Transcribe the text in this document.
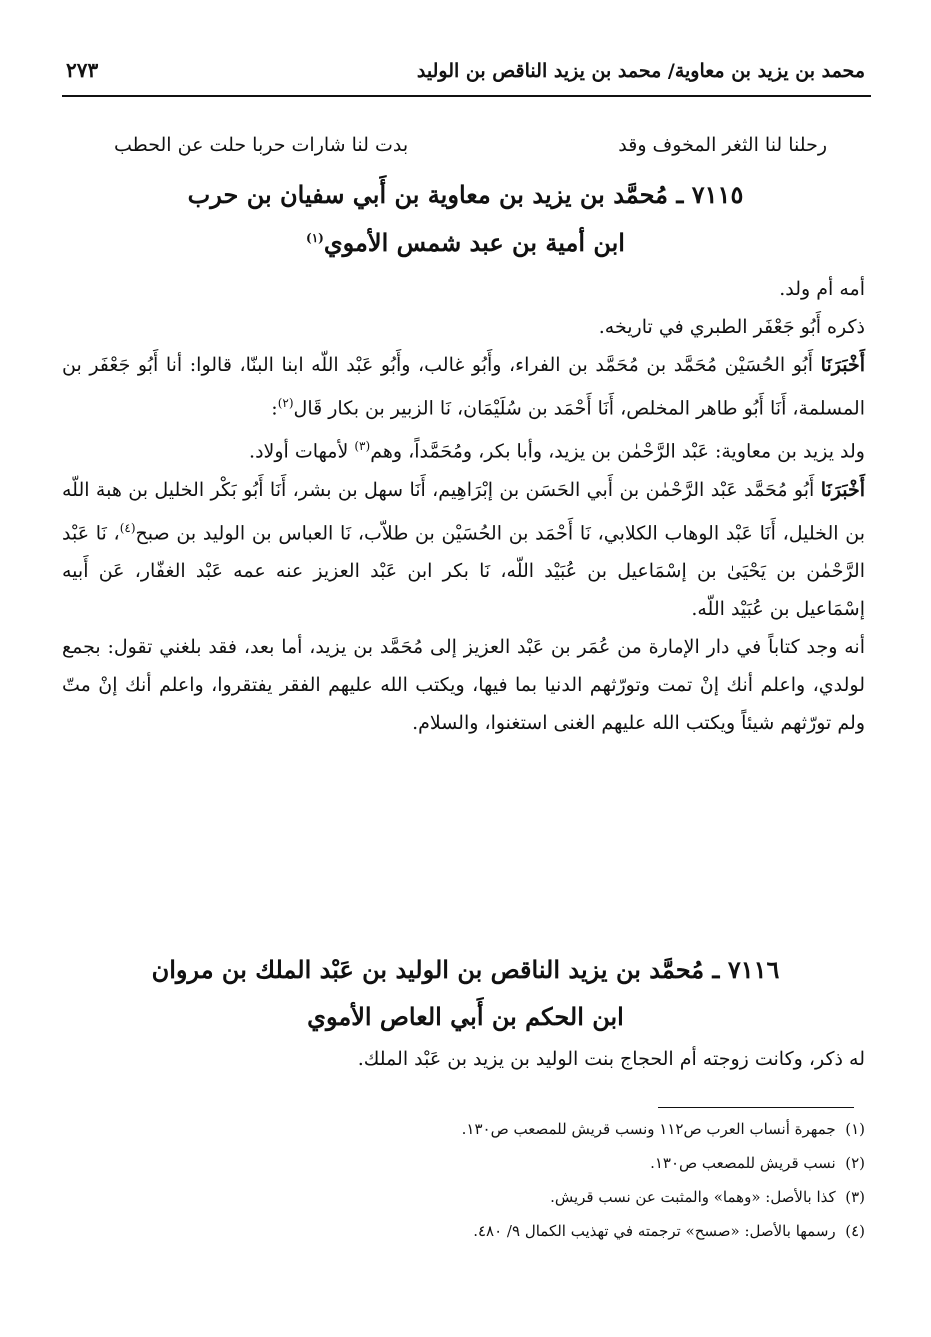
محمد بن يزيد بن معاوية/ محمد بن يزيد الناقص بن الوليد
٢٧٣
رحلنا لنا الثغر المخوف وقد
بدت لنا شارات حربا حلت عن الحطب
٧١١٥ ـ مُحمَّد بن يزيد بن معاوية بن أَبي سفيان بن حرب
ابن أمية بن عبد شمس الأموي$^{(١)}$

أمه أم ولد.

ذكره أَبُو جَعْفَر الطبري في تاريخه.

أَخْبَرَنَا أَبُو الحُسَيْن مُحَمَّد بن مُحَمَّد بن الفراء، وأَبُو غالب، وأَبُو عَبْد اللّه ابنا البنّا، قالوا: أنا أَبُو جَعْفَر بن المسلمة، أَنَا أَبُو طاهر المخلص، أَنَا أَحْمَد بن سُلَيْمَان، نَا الزبير بن بكار قَال$^{(٢)}$:

ولد يزيد بن معاوية: عَبْد الرَّحْمٰن بن يزيد، وأبا بكر، ومُحَمَّداً، وهم$^{(٣)}$ لأمهات أولاد.

أَخْبَرَنَا أَبُو مُحَمَّد عَبْد الرَّحْمٰن بن أَبي الحَسَن بن إبْرَاهِيم، أَنَا سهل بن بشر، أَنَا أَبُو بَكْر الخليل بن هبة اللّه بن الخليل، أَنَا عَبْد الوهاب الكلابي، نَا أَحْمَد بن الحُسَيْن بن طلاّب، نَا العباس بن الوليد بن صبح$^{(٤)}$، نَا عَبْد الرَّحْمٰن بن يَحْيَىٰ بن إسْمَاعيل بن عُبَيْد اللّه، نَا بكر ابن عَبْد العزيز عنه عمه عَبْد الغفّار، عَن أَبيه إسْمَاعيل بن عُبَيْد اللّه.

أنه وجد كتاباً في دار الإمارة من عُمَر بن عَبْد العزيز إلى مُحَمَّد بن يزيد، أما بعد، فقد بلغني تقول: بجمع لولدي، واعلم أنك إنْ تمت وتورّثهم الدنيا بما فيها، ويكتب الله عليهم الفقر يفتقروا، واعلم أنك إنْ متّ ولم تورّثهم شيئاً ويكتب الله عليهم الغنى استغنوا، والسلام.

٧١١٦ ـ مُحمَّد بن يزيد الناقص بن الوليد بن عَبْد الملك بن مروان
ابن الحكم بن أَبي العاص الأموي

له ذكر، وكانت زوجته أم الحجاج بنت الوليد بن يزيد بن عَبْد الملك.

(١)  جمهرة أنساب العرب ص١١٢ ونسب قريش للمصعب ص١٣٠.
(٢)  نسب قريش للمصعب ص١٣٠.
(٣)  كذا بالأصل: «وهما» والمثبت عن نسب قريش.
(٤)  رسمها بالأصل: «صسح» ترجمته في تهذيب الكمال ٩/ ٤٨٠.
